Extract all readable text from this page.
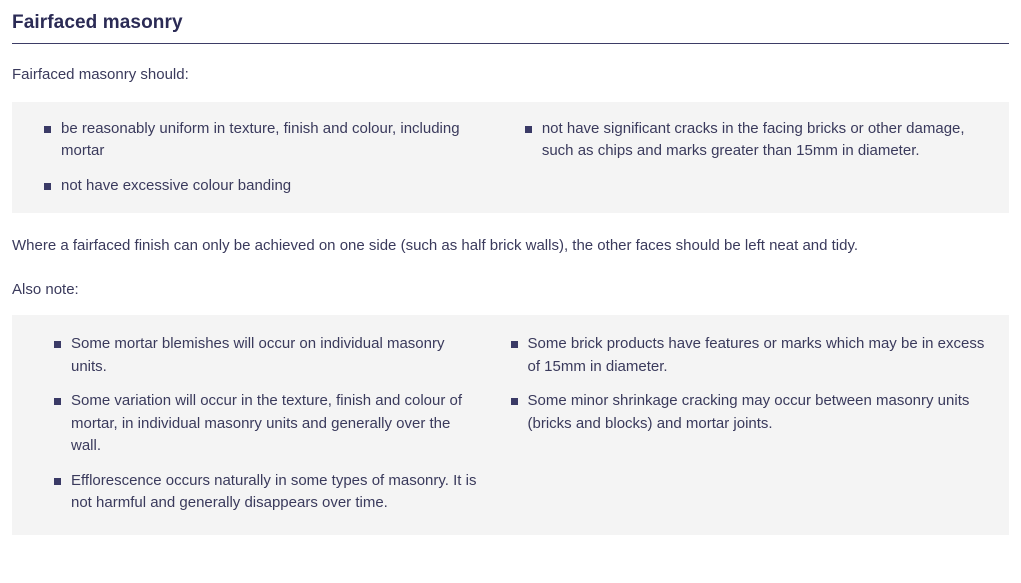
Fairfaced masonry

Fairfaced masonry should:

be reasonably uniform in texture, finish and colour, including mortar
not have excessive colour banding
not have significant cracks in the facing bricks or other damage, such as chips and marks greater than 15mm in diameter.

Where a fairfaced finish can only be achieved on one side (such as half brick walls), the other faces should be left neat and tidy.

Also note:

Some mortar blemishes will occur on individual masonry units.
Some variation will occur in the texture, finish and colour of mortar, in individual masonry units and generally over the wall.
Efflorescence occurs naturally in some types of masonry. It is not harmful and generally disappears over time.
Some brick products have features or marks which may be in excess of 15mm in diameter.
Some minor shrinkage cracking may occur between masonry units (bricks and blocks) and mortar joints.
